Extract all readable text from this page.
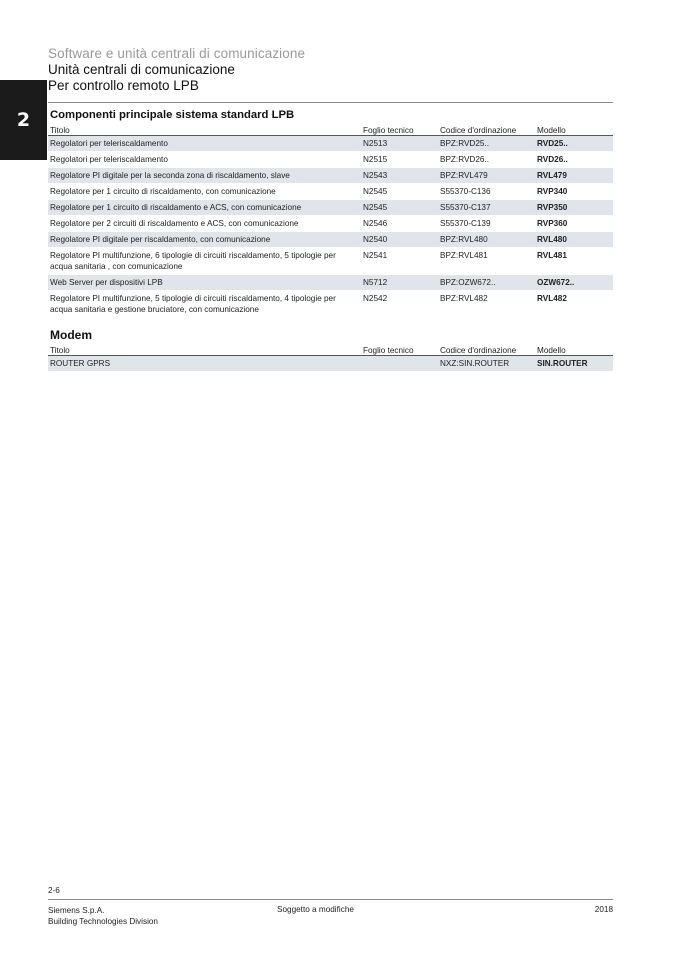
2
Software e unità centrali di comunicazione
Unità centrali di comunicazione
Per controllo remoto LPB
Componenti principale sistema standard LPB
Titolo	Foglio tecnico	Codice d'ordinazione	Modello
Regolatori per teleriscaldamento	N2513	BPZ:RVD25..	RVD25..
Regolatori per teleriscaldamento	N2515	BPZ:RVD26..	RVD26..
Regolatore PI digitale per la seconda zona di riscaldamento, slave	N2543	BPZ:RVL479	RVL479
Regolatore per 1 circuito di riscaldamento, con comunicazione	N2545	S55370-C136	RVP340
Regolatore per 1 circuito di riscaldamento e ACS, con comunicazione	N2545	S55370-C137	RVP350
Regolatore per 2 circuiti di riscaldamento e ACS, con comunicazione	N2546	S55370-C139	RVP360
Regolatore PI digitale per riscaldamento, con comunicazione	N2540	BPZ:RVL480	RVL480
Regolatore PI multifunzione, 6 tipologie di circuiti riscaldamento, 5 tipologie per acqua sanitaria , con comunicazione	N2541	BPZ:RVL481	RVL481
Web Server per dispositivi LPB	N5712	BPZ:OZW672..	OZW672..
Regolatore PI multifunzione, 5 tipologie di circuiti riscaldamento, 4 tipologie per acqua sanitaria e gestione bruciatore, con comunicazione	N2542	BPZ:RVL482	RVL482
Modem
Titolo	Foglio tecnico	Codice d'ordinazione	Modello
ROUTER GPRS		NXZ:SIN.ROUTER	SIN.ROUTER
2-6
Siemens S.p.A.
Building Technologies Division
Soggetto a modifiche	2018
